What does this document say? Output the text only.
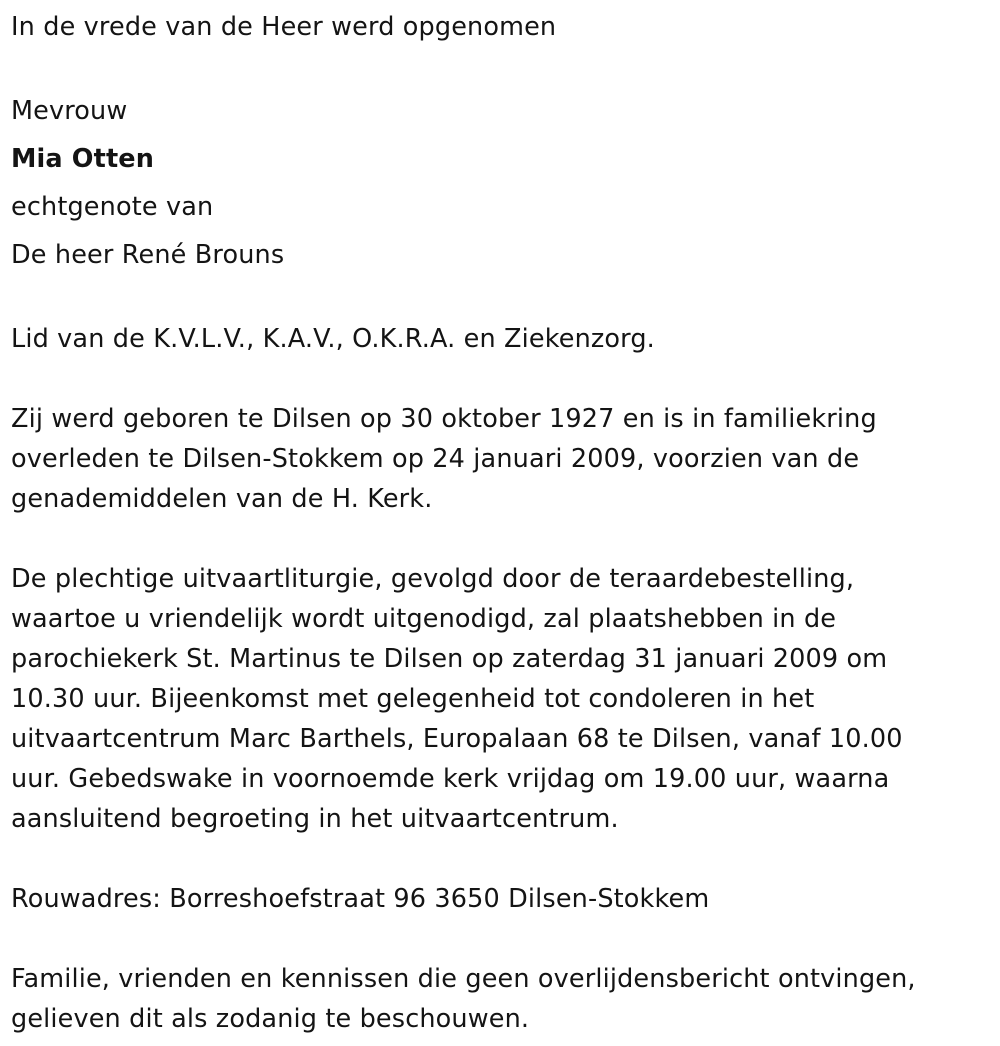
In de vrede van de Heer werd opgenomen
Mevrouw
Mia Otten
echtgenote van
De heer René Brouns
Lid van de K.V.L.V., K.A.V., O.K.R.A. en Ziekenzorg.
Zij werd geboren te Dilsen op 30 oktober 1927 en is in familiekring
overleden te Dilsen-Stokkem op 24 januari 2009, voorzien van de
genademiddelen van de H. Kerk.
De plechtige uitvaartliturgie, gevolgd door de teraardebestelling,
waartoe u vriendelijk wordt uitgenodigd, zal plaatshebben in de
parochiekerk St. Martinus te Dilsen op zaterdag 31 januari 2009 om
10.30 uur. Bijeenkomst met gelegenheid tot condoleren in het
uitvaartcentrum Marc Barthels, Europalaan 68 te Dilsen, vanaf 10.00
uur. Gebedswake in voornoemde kerk vrijdag om 19.00 uur, waarna
aansluitend begroeting in het uitvaartcentrum.
Rouwadres: Borreshoefstraat 96 3650 Dilsen-Stokkem
Familie, vrienden en kennissen die geen overlijdensbericht ontvingen,
gelieven dit als zodanig te beschouwen.
